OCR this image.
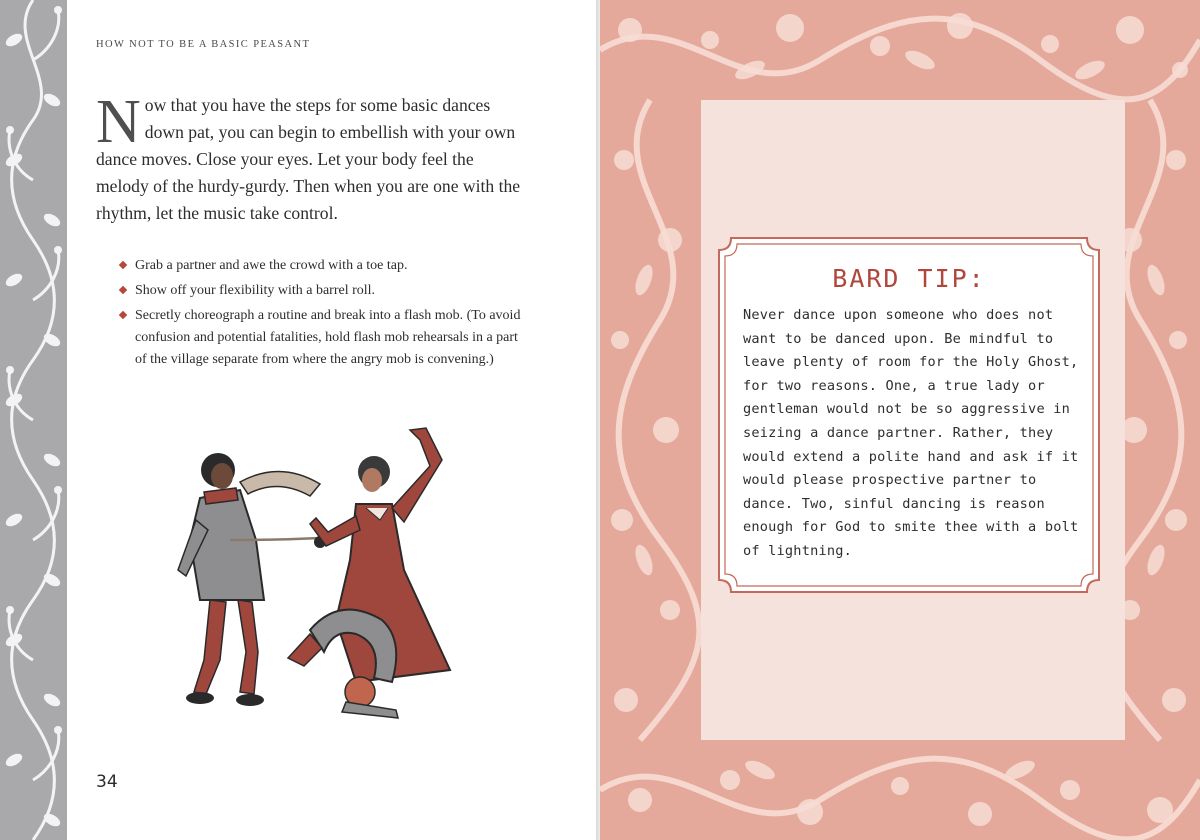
HOW NOT TO BE A BASIC PEASANT

Now that you have the steps for some basic dances down pat, you can begin to embellish with your own dance moves. Close your eyes. Let your body feel the melody of the hurdy-gurdy. Then when you are one with the rhythm, let the music take control.

Grab a partner and awe the crowd with a toe tap.
Show off your flexibility with a barrel roll.
Secretly choreograph a routine and break into a flash mob. (To avoid confusion and potential fatalities, hold flash mob rehearsals in a part of the village separate from where the angry mob is convening.)
34
BARD TIP:
Never dance upon someone who does not want to be danced upon. Be mindful to leave plenty of room for the Holy Ghost, for two reasons. One, a true lady or gentleman would not be so aggressive in seizing a dance partner. Rather, they would extend a polite hand and ask if it would please prospective partner to dance. Two, sinful dancing is reason enough for God to smite thee with a bolt of lightning.
